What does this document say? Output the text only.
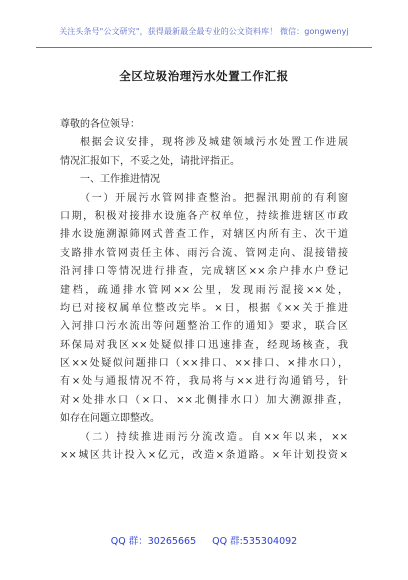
关注头条号"公文研究"，获得最新最全最专业的公文资料库！ 微信：gongwenyj
全区垃圾治理污水处置工作汇报
尊敬的各位领导：
根据会议安排，现将涉及城建领域污水处置工作进展
情况汇报如下，不妥之处，请批评指正。
一、工作推进情况
（一）开展污水管网排查整治。把握汛期前的有利窗
口期，积极对接排水设施各产权单位，持续推进辖区市政
排水设施溯源筛网式普查工作，对辖区内所有主、次干道
支路排水管网责任主体、雨污合流、管网走向、混接错接
沿河排口等情况进行排查，完成辖区××余户排水户登记
建档，疏通排水管网××公里，发现雨污混接××处，
均已对接权属单位整改完毕。×日，根据《××关于推进
入河排口污水流出等问题整治工作的通知》要求，联合区
环保局对我区××处疑似排口迅速排查，经现场核查，我
区××处疑似问题排口（××排口、××排口、×排水口），
有×处与通报情况不符，我局将与××进行沟通销号，针
对×处排水口（×口、××北侧排水口）加大溯源排查，
如存在问题立即整改。
（二）持续推进雨污分流改造。自××年以来，××
××城区共计投入×亿元，改造×条道路。×年计划投资×
QQ 群：30265665 QQ 群:535304092
